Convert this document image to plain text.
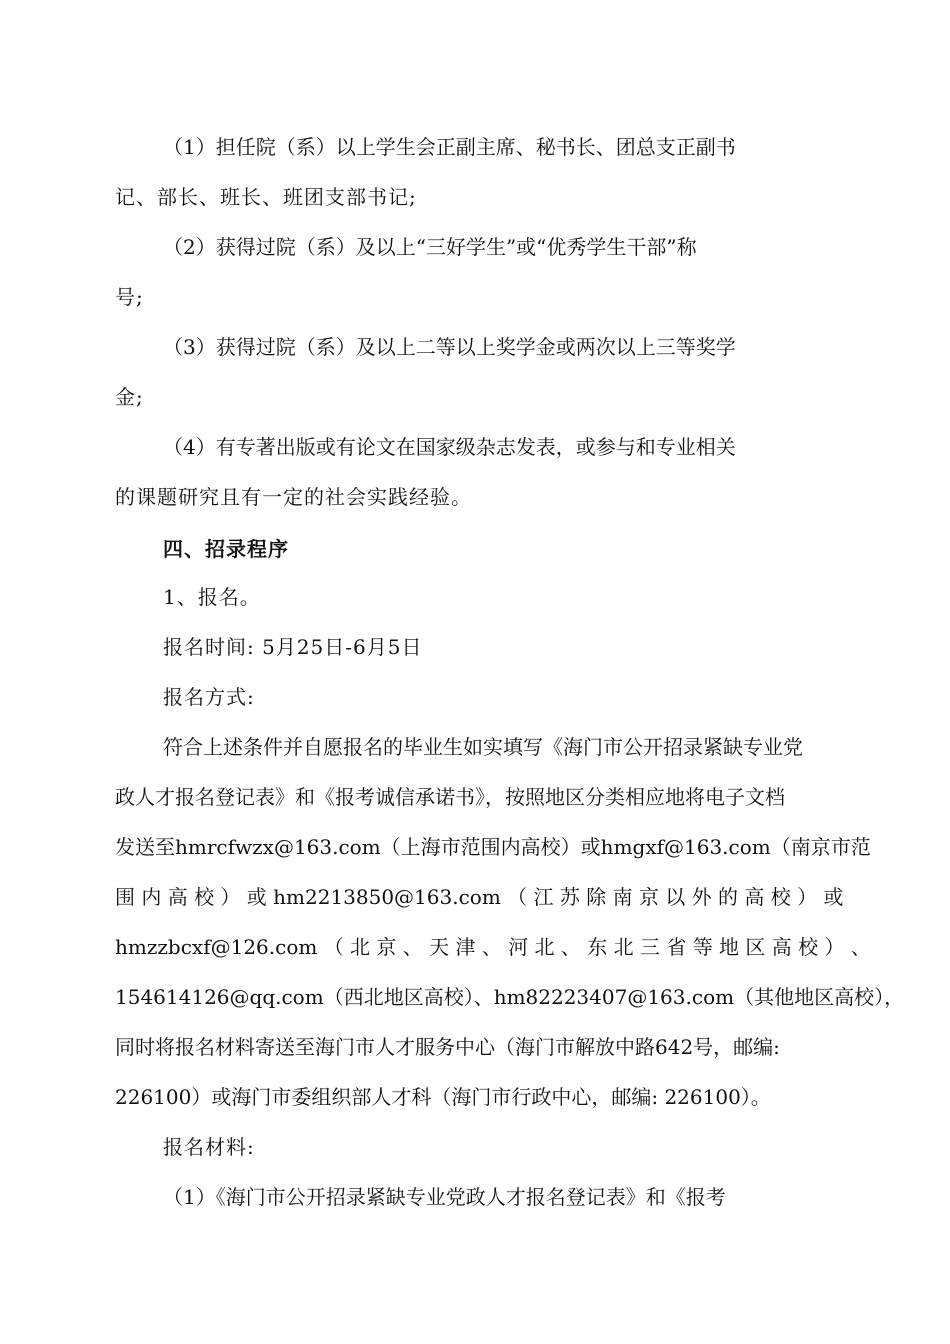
（1）担任院（系）以上学生会正副主席、秘书长、团总支正副书
记、部长、班长、班团支部书记;
（2）获得过院（系）及以上“三好学生”或“优秀学生干部”称
号;
（3）获得过院（系）及以上二等以上奖学金或两次以上三等奖学
金;
（4）有专著出版或有论文在国家级杂志发表，或参与和专业相关
的课题研究且有一定的社会实践经验。
四、招录程序
1、报名。
报名时间: 5月25日-6月5日
报名方式:
符合上述条件并自愿报名的毕业生如实填写《海门市公开招录紧缺专业党
政人才报名登记表》和《报考诚信承诺书》，按照地区分类相应地将电子文档
发送至hmrcfwzx@163.com（上海市范围内高校）或hmgxf@163.com（南京市范
围 内 高 校 ） 或 hm2213850@163.com （ 江 苏 除 南 京 以 外 的 高 校 ） 或
hmzzbcxf@126.com （ 北 京 、 天 津 、 河 北 、 东 北 三 省 等 地 区 高 校 ） 、
154614126@qq.com（西北地区高校）、hm82223407@163.com（其他地区高校），
同时将报名材料寄送至海门市人才服务中心（海门市解放中路642号，邮编:
226100）或海门市委组织部人才科（海门市行政中心，邮编: 226100）。
报名材料:
（1）《海门市公开招录紧缺专业党政人才报名登记表》和《报考
